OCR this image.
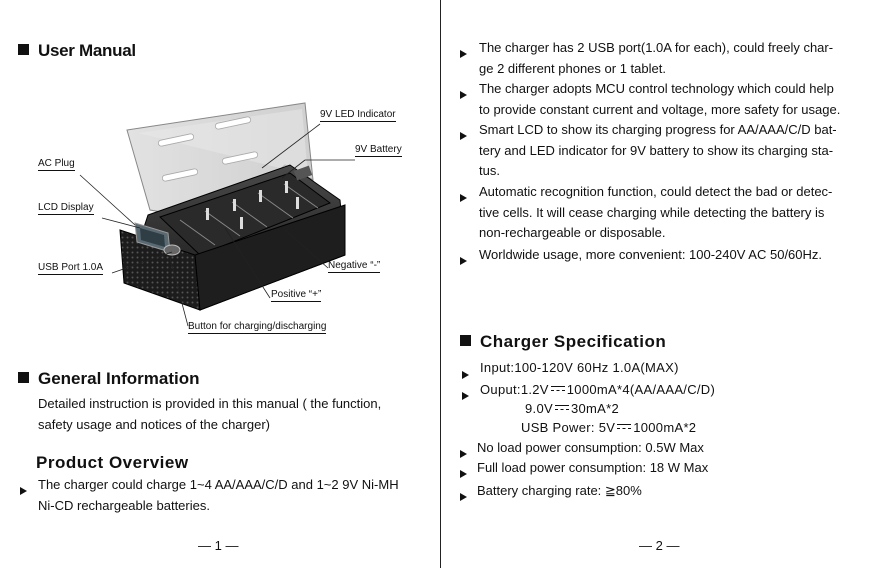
User Manual
9V LED Indicator
9V Battery
AC Plug
LCD Display
USB Port 1.0A	Negative “-”
Positive “+”
Button for charging/discharging
General Information
Detailed instruction is provided in this manual ( the function,
safety usage and notices of the charger)
Product Overview
The charger could charge 1~4 AA/AAA/C/D and 1~2 9V Ni-MH
Ni-CD rechargeable batteries.
— 1 —
The charger has 2 USB port(1.0A for each), could freely char-
ge 2 different phones or 1 tablet.
The charger adopts MCU control technology which could help
to provide constant current and voltage, more safety for usage.
Smart LCD to show its charging progress for AA/AAA/C/D bat-
tery and LED indicator for 9V battery to show its charging sta-
tus.
Automatic recognition function, could detect the bad or detec-
tive cells. It will cease charging while detecting the battery is
non-rechargeable or disposable.
Worldwide usage, more convenient: 100-240V AC 50/60Hz.
Charger Specification
Input:100-120V 60Hz 1.0A(MAX)
Ouput:1.2V 1000mA*4(AA/AAA/C/D)
9.0V 30mA*2
USB Power: 5V 1000mA*2
No load power consumption: 0.5W Max
Full load power consumption: 18 W Max
Battery charging rate: ≧80%
— 2 —
